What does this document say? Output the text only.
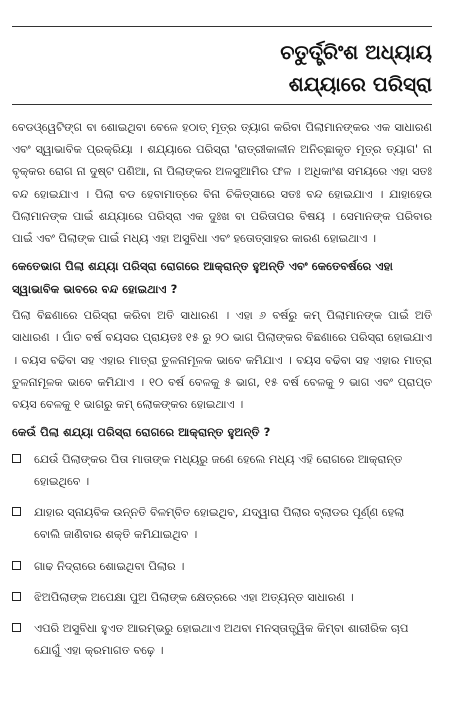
ଚତୁର୍ତ୍ତ୍ରିଂଶ ଅଧ୍ୟାୟ
ଶଯ୍ୟାରେ ପରିସ୍ରା

ବେଡଓ୍ୱେଟିଙ୍ଗ ବା ଶୋଇଥିବା ବେଳେ ହଠାତ୍ ମୂତ୍ର ତ୍ୟାଗ କରିବା ପିଲାମାନଙ୍କର ଏକ ସାଧାରଣ ଏବଂ ସ୍ୱାଭାବିକ ପ୍ରକ୍ରିୟା । ଶଯ୍ୟାରେ ପରିସ୍ରା 'ରାତ୍ରୀକାଳୀନ ଅନିଚ୍ଛାକୃତ ମୂତ୍ର ତ୍ୟାଗ' ନା ବୃକ୍କର ରୋଗ ନା ଦୁଷ୍ଟ ପଣିଆ, ନା ପିଲାଙ୍କର ଅଳସୁଆମିର ଫଳ । ଅଧିକାଂଶ ସମୟରେ ଏହା ସତଃ ବନ୍ଦ ହୋଇଯାଏ । ପିଲା ବଡ ହେବାମାତ୍ରେ ବିନା ଚିକିତ୍ସାରେ ସତଃ ବନ୍ଦ ହୋଇଯାଏ । ଯାହାହେଉ ପିଲାମାନଙ୍କ ପାଇଁ ଶଯ୍ୟାରେ ପରିସ୍ରା ଏକ ଦୁଃଖ ବା ପରିତାପର ବିଷୟ । ସେମାନଙ୍କ ପରିବାର ପାଇଁ ଏବଂ ପିଲାଙ୍କ ପାଇଁ ମଧ୍ୟ ଏହା ଅସୁବିଧା ଏବଂ ହତୋତ୍ସାହର କାରଣ ହୋଇଥାଏ ।

କେତେଭାଗ ପିଲା ଶଯ୍ୟା ପରିସ୍ରା ରୋଗରେ ଆକ୍ରାନ୍ତ ହୁଅନ୍ତି ଏବଂ କେତେବର୍ଷରେ ଏହା ସ୍ୱାଭାବିକ ଭାବରେ ବନ୍ଦ ହୋଇଥାଏ ?

ପିଲା ବିଛଣାରେ ପରିସ୍ରା କରିବା ଅତି ସାଧାରଣ । ଏହା ୬ ବର୍ଷରୁ କମ୍ ପିଲାମାନଙ୍କ ପାଇଁ ଅତି ସାଧାରଣ । ପାଁଚ ବର୍ଷ ବୟସର ପ୍ରାୟତଃ ୧୫ ରୁ ୨୦ ଭାଗ ପିଲାଙ୍କର ବିଛଣାରେ ପରିସ୍ରା ହୋଇଯାଏ । ବୟସ ବଢିବା ସହ ଏହାର ମାତ୍ରା ତୁଳନାମୂଳକ ଭାବେ କମିଯାଏ । ବୟସ ବଢିବା ସହ ଏହାର ମାତ୍ରା ତୁଳନାମୂଳକ ଭାବେ କମିଯାଏ । ୧୦ ବର୍ଷ ବେଳକୁ ୫ ଭାଗ, ୧୫ ବର୍ଷ ବେଳକୁ ୨ ଭାଗ ଏବଂ ପ୍ରାପ୍ତ ବୟସ ବେଳକୁ ୧ ଭାଗରୁ କମ୍ ଲୋକଙ୍କର ହୋଇଥାଏ ।

କେଉଁ ପିଲା ଶଯ୍ୟା ପରିସ୍ରା ରୋଗରେ ଆକ୍ରାନ୍ତ ହୁଅନ୍ତି ?
ଯେଉଁ ପିଲାଙ୍କର ପିତା ମାତାଙ୍କ ମଧ୍ୟରୁ ଜଣେ ହେଲେ ମଧ୍ୟ ଏହି ରୋଗରେ ଆକ୍ରାନ୍ତ ହୋଇଥିବେ ।
ଯାହାର ସ୍ନାୟବିକ ଉନ୍ନତି ବିଳମ୍ବିତ ହୋଇଥିବ, ଯଦ୍ୱାରା ପିଲାର ବ୍ଲାଡର ପୂର୍ଣ୍ଣ ହେଲା ବୋଲି ଜାଣିବାର ଶକ୍ତି କମିଯାଇଥିବ ।
ଗାଢ ନିଦ୍ରାରେ ଶୋଇଥିବା ପିଲାର ।
ଝିଅପିଲାଙ୍କ ଅପେକ୍ଷା ପୁଅ ପିଲାଙ୍କ କ୍ଷେତ୍ରରେ ଏହା ଅତ୍ୟନ୍ତ ସାଧାରଣ ।
ଏପରି ଅସୁବିଧା ହୁଏତ ଆରମ୍ଭରୁ ହୋଇଥାଏ ଅଥବା ମନସ୍ତାତ୍ତ୍ୱିକ କିମ୍ବା ଶାରୀରିକ ଚାପ ଯୋଗୁଁ ଏହା କ୍ରମାଗତ ବଢ଼େ ।
